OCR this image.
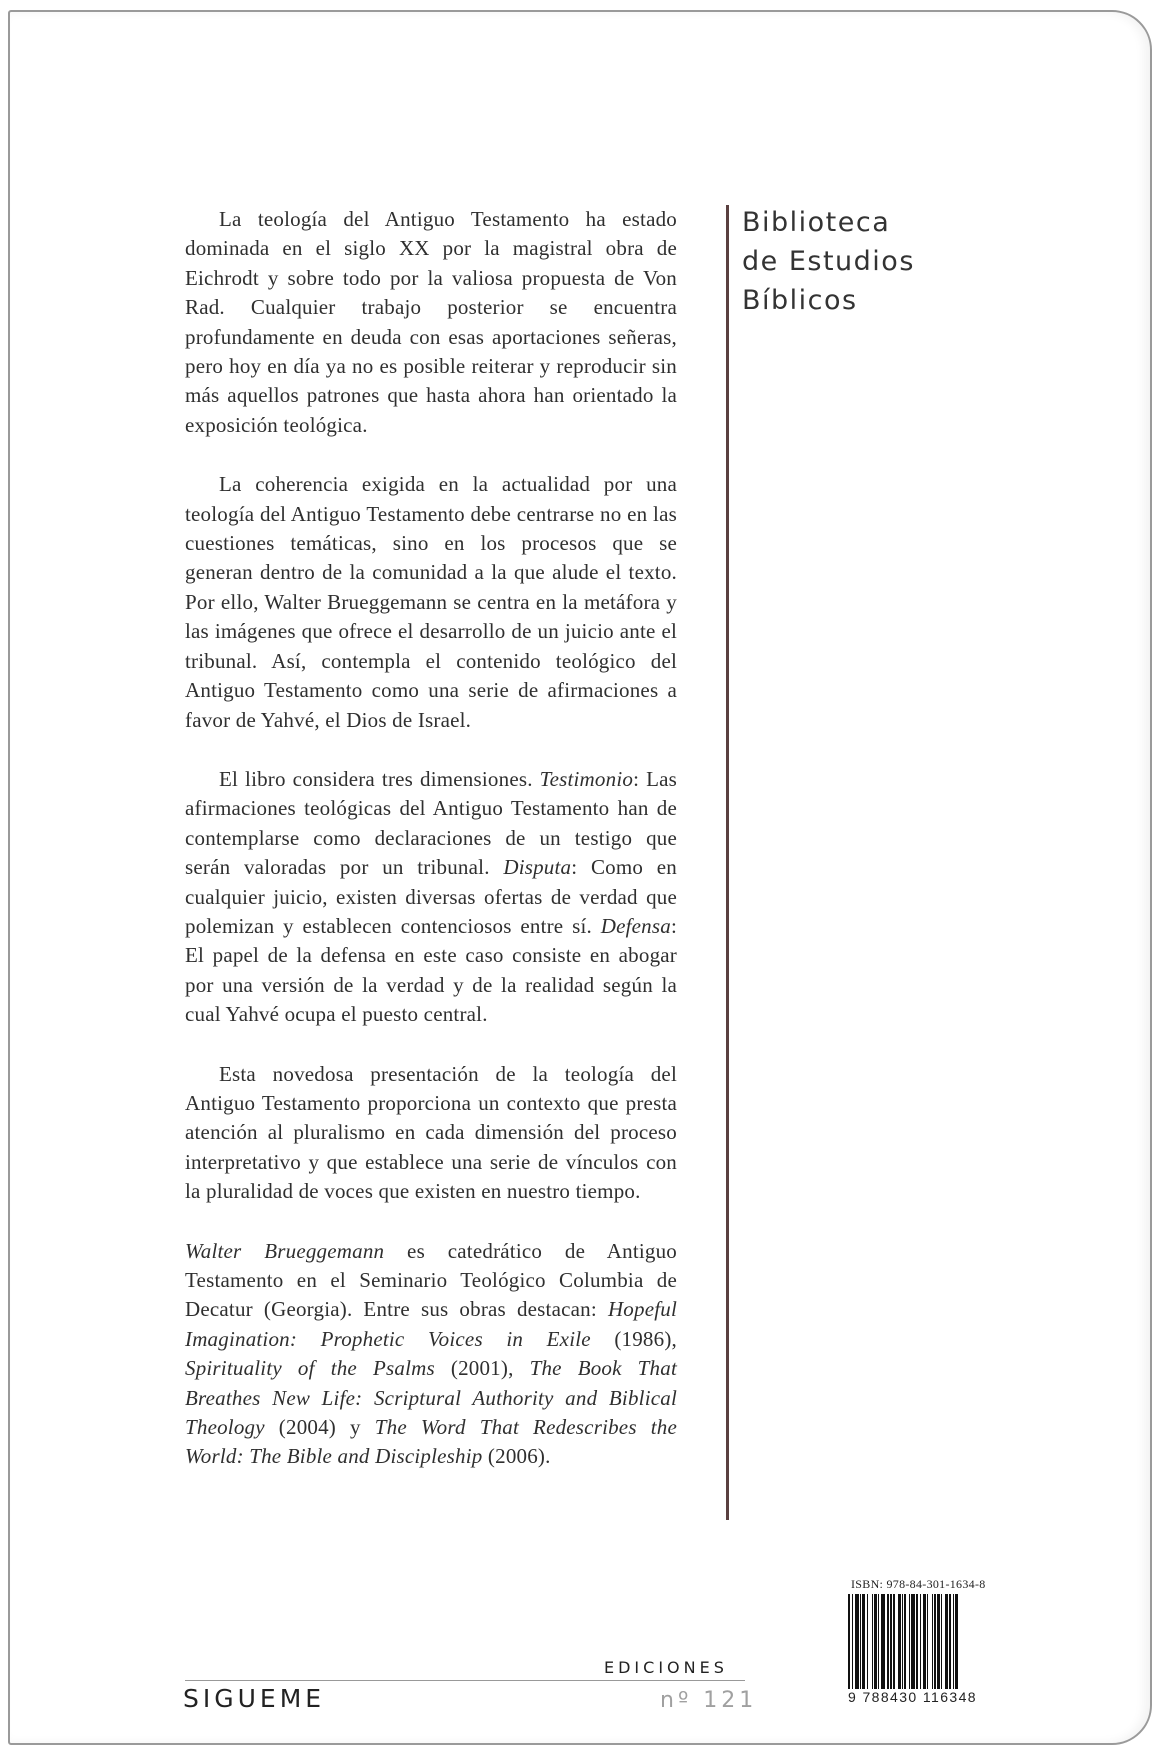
La teología del Antiguo Testamento ha estado dominada en el siglo XX por la magistral obra de Eichrodt y sobre todo por la valiosa propuesta de Von Rad. Cualquier trabajo posterior se encuentra profundamente en deuda con esas aportaciones señeras, pero hoy en día ya no es posible reiterar y reproducir sin más aquellos patrones que hasta ahora han orientado la exposición teológica.

La coherencia exigida en la actualidad por una teología del Antiguo Testamento debe centrarse no en las cuestiones temáticas, sino en los procesos que se generan dentro de la comunidad a la que alude el texto. Por ello, Walter Brueggemann se centra en la metáfora y las imágenes que ofrece el desarrollo de un juicio ante el tribunal. Así, contempla el contenido teológico del Antiguo Testamento como una serie de afirmaciones a favor de Yahvé, el Dios de Israel.

El libro considera tres dimensiones. Testimonio: Las afirmaciones teológicas del Antiguo Testamento han de contemplarse como declaraciones de un testigo que serán valoradas por un tribunal. Disputa: Como en cualquier juicio, existen diversas ofertas de verdad que polemizan y establecen contenciosos entre sí. Defensa: El papel de la defensa en este caso consiste en abogar por una versión de la verdad y de la realidad según la cual Yahvé ocupa el puesto central.

Esta novedosa presentación de la teología del Antiguo Testamento proporciona un contexto que presta atención al pluralismo en cada dimensión del proceso interpretativo y que establece una serie de vínculos con la pluralidad de voces que existen en nuestro tiempo.

Walter Brueggemann es catedrático de Antiguo Testamento en el Seminario Teológico Columbia de Decatur (Georgia). Entre sus obras destacan: Hopeful Imagination: Prophetic Voices in Exile (1986), Spirituality of the Psalms (2001), The Book That Breathes New Life: Scriptural Authority and Biblical Theology (2004) y The Word That Redescribes the World: The Bible and Discipleship (2006).

Biblioteca
de Estudios
Bíblicos
ISBN: 978-84-301-1634-8
9 788430 116348
EDICIONES
SIGUEME	nº 121
